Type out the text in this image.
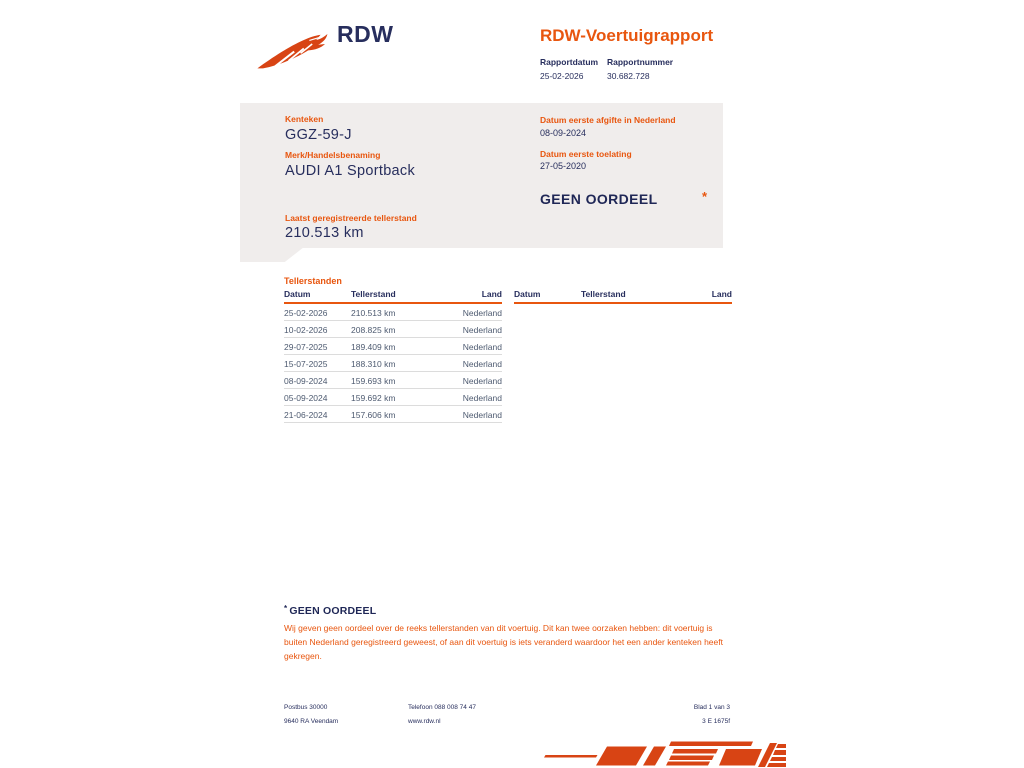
RDW	RDW-Voertuigrapport
Rapportdatum
25-02-2026
Rapportnummer
30.682.728
Kenteken
GGZ-59-J
Merk/Handelsbenaming
AUDI A1 Sportback
Laatst geregistreerde tellerstand
210.513 km
Datum eerste afgifte in Nederland
08-09-2024
Datum eerste toelating
27-05-2020
GEEN OORDEEL	*
Tellerstanden
Datum	Tellerstand	Land
25-02-2026	210.513 km	Nederland
10-02-2026	208.825 km	Nederland
29-07-2025	189.409 km	Nederland
15-07-2025	188.310 km	Nederland
08-09-2024	159.693 km	Nederland
05-09-2024	159.692 km	Nederland
21-06-2024	157.606 km	Nederland
Datum	Tellerstand	Land
* GEEN OORDEEL
Wij geven geen oordeel over de reeks tellerstanden van dit voertuig. Dit kan twee oorzaken hebben: dit voertuig is buiten Nederland geregistreerd geweest, of aan dit voertuig is iets veranderd waardoor het een ander kenteken heeft gekregen.
Postbus 30000
9640 RA Veendam
Telefoon 088 008 74 47
www.rdw.nl
Blad 1 van 3
3 E 1675f
